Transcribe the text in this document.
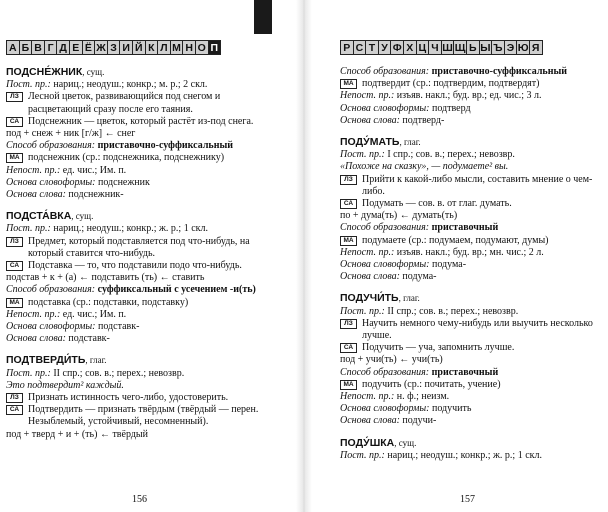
А Б В Г Д Е Ё Ж З И Й К Л М Н О П
ПОДСНЕ́ЖНИК, сущ.
Пост. пр.: нариц.; неодуш.; конкр.; м. р.; 2 скл.
ЛЗ Лесной цветок, развивающийся под снегом и расцветающий сразу после его таяния.
СА Подснежник — цветок, который растёт из-под снега.
под + снеж + ник [г/ж] ← снег
Способ образования: приставочно-суффиксальный
МА подснежник (ср.: подснежника, подснежнику)
Непост. пр.: ед. чис.; Им. п.
Основа словоформы: подснежник
Основа слова: подснежник-
ПОДСТА́ВКА, сущ.
Пост. пр.: нариц.; неодуш.; конкр.; ж. р.; 1 скл.
ЛЗ Предмет, который подставляется под что-нибудь, на который ставится что-нибудь.
СА Подставка — то, что подставили подо что-нибудь.
подстав + к + (а) ← подставить (ть) ← ставить
Способ образования: суффиксальный с усечением -и(ть)
МА подставка (ср.: подставки, подставку)
Непост. пр.: ед. чис.; Им. п.
Основа словоформы: подставк-
Основа слова: подставк-
ПОДТВЕРДИ́ТЬ, глаг.
Пост. пр.: II спр.; сов. в.; перех.; невозвр.
Это подтвердит² каждый.
ЛЗ Признать истинность чего-либо, удостоверить.
СА Подтвердить — признать твёрдым (твёрдый — перен. Незыблемый, устойчивый, несомненный).
под + тверд + и + (ть) ← твёрдый
156
Р С Т У Ф Х Ц Ч Ш Щ Ь Ы Ъ Э Ю Я
Способ образования: приставочно-суффиксальный
МА подтвердит (ср.: подтвердим, подтвердят)
Непост. пр.: изъяв. накл.; буд. вр.; ед. чис.; 3 л.
Основа словоформы: подтверд
Основа слова: подтверд-
ПОДУ́МАТЬ, глаг.
Пост. пр.: I спр.; сов. в.; перех.; невозвр.
«Похоже на сказку», — подумаете² вы.
ЛЗ Прийти к какой-либо мысли, составить мнение о чем-либо.
СА Подумать — сов. в. от глаг. думать.
по + дума(ть) ← думать(ть)
Способ образования: приставочный
МА подумаете (ср.: подумаем, подумают, думы)
Непост. пр.: изъяв. накл.; буд. вр.; мн. чис.; 2 л.
Основа словоформы: подума-
Основа слова: подума-
ПОДУЧИ́ТЬ, глаг.
Пост. пр.: II спр.; сов. в.; перех.; невозвр.
ЛЗ Научить немного чему-нибудь или выучить несколько лучше.
СА Подучить — уча, запомнить лучше.
под + учи(ть) ← учи(ть)
Способ образования: приставочный
МА подучить (ср.: почитать, учение)
Непост. пр.: н. ф.; неизм.
Основа словоформы: подучить
Основа слова: подучи-
ПОДУ́ШКА, сущ.
Пост. пр.: нариц.; неодуш.; конкр.; ж. р.; 1 скл.
157
